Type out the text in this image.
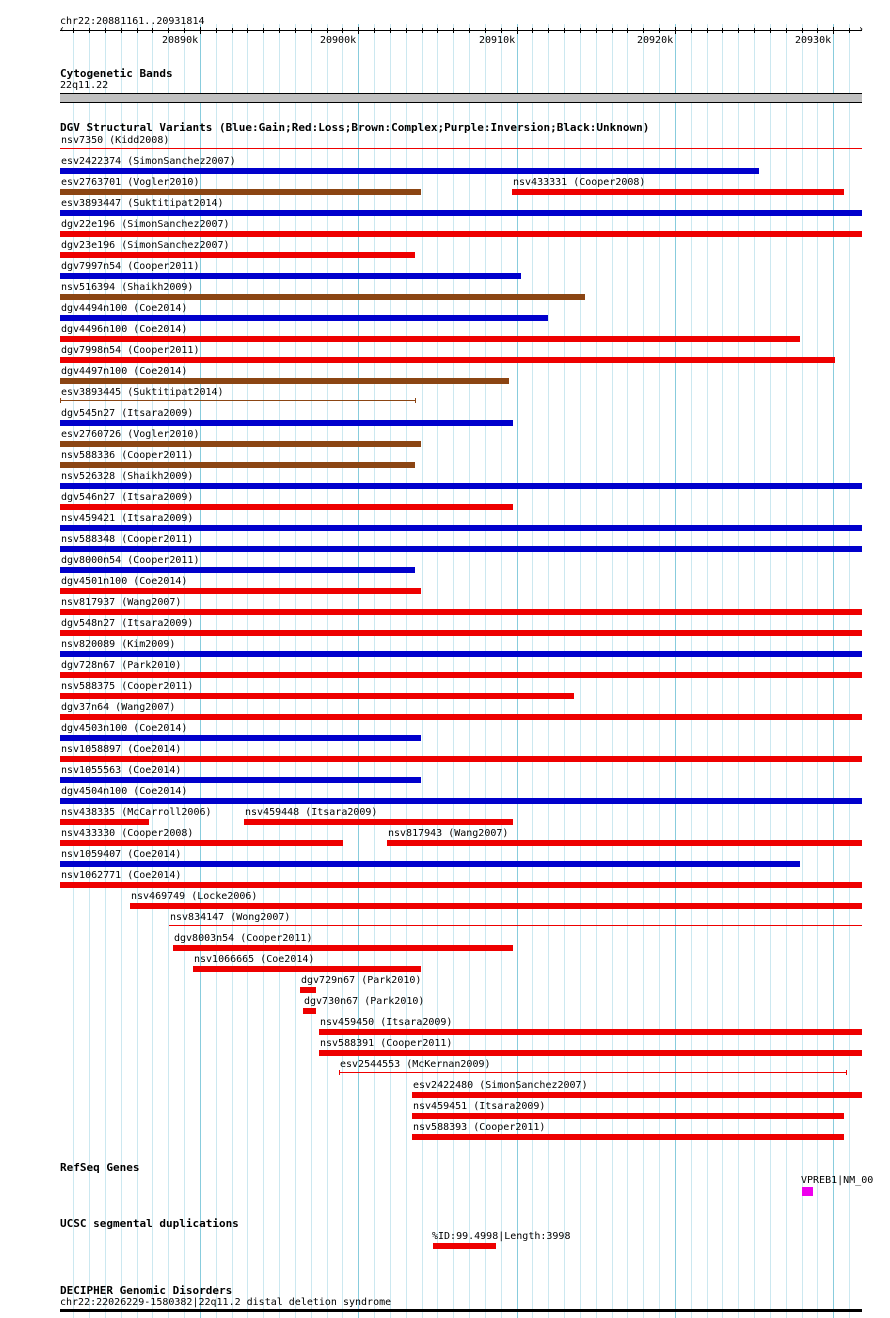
chr22:20881161..20931814
‹	›
20890k	20900k	20910k	20920k	20930k
Cytogenetic Bands
22q11.22
DGV Structural Variants (Blue:Gain;Red:Loss;Brown:Complex;Purple:Inversion;Black:Unknown)
nsv7350 (Kidd2008)
esv2422374 (SimonSanchez2007)
esv2763701 (Vogler2010)	nsv433331 (Cooper2008)
esv3893447 (Suktitipat2014)
dgv22e196 (SimonSanchez2007)
dgv23e196 (SimonSanchez2007)
dgv7997n54 (Cooper2011)
nsv516394 (Shaikh2009)
dgv4494n100 (Coe2014)
dgv4496n100 (Coe2014)
dgv7998n54 (Cooper2011)
dgv4497n100 (Coe2014)
esv3893445 (Suktitipat2014)
dgv545n27 (Itsara2009)
esv2760726 (Vogler2010)
nsv588336 (Cooper2011)
nsv526328 (Shaikh2009)
dgv546n27 (Itsara2009)
nsv459421 (Itsara2009)
nsv588348 (Cooper2011)
dgv8000n54 (Cooper2011)
dgv4501n100 (Coe2014)
nsv817937 (Wang2007)
dgv548n27 (Itsara2009)
nsv820089 (Kim2009)
dgv728n67 (Park2010)
nsv588375 (Cooper2011)
dgv37n64 (Wang2007)
dgv4503n100 (Coe2014)
nsv1058897 (Coe2014)
nsv1055563 (Coe2014)
dgv4504n100 (Coe2014)
nsv438335 (McCarroll2006)	nsv459448 (Itsara2009)
nsv433330 (Cooper2008)	nsv817943 (Wang2007)
nsv1059407 (Coe2014)
nsv1062771 (Coe2014)
nsv469749 (Locke2006)
nsv834147 (Wong2007)
dgv8003n54 (Cooper2011)
nsv1066665 (Coe2014)
dgv729n67 (Park2010)
dgv730n67 (Park2010)
nsv459450 (Itsara2009)
nsv588391 (Cooper2011)
esv2544553 (McKernan2009)
esv2422480 (SimonSanchez2007)
nsv459451 (Itsara2009)
nsv588393 (Cooper2011)
RefSeq Genes
VPREB1|NM_00
UCSC segmental duplications
%ID:99.4998|Length:3998
DECIPHER Genomic Disorders
chr22:22026229-1580382|22q11.2 distal deletion syndrome
